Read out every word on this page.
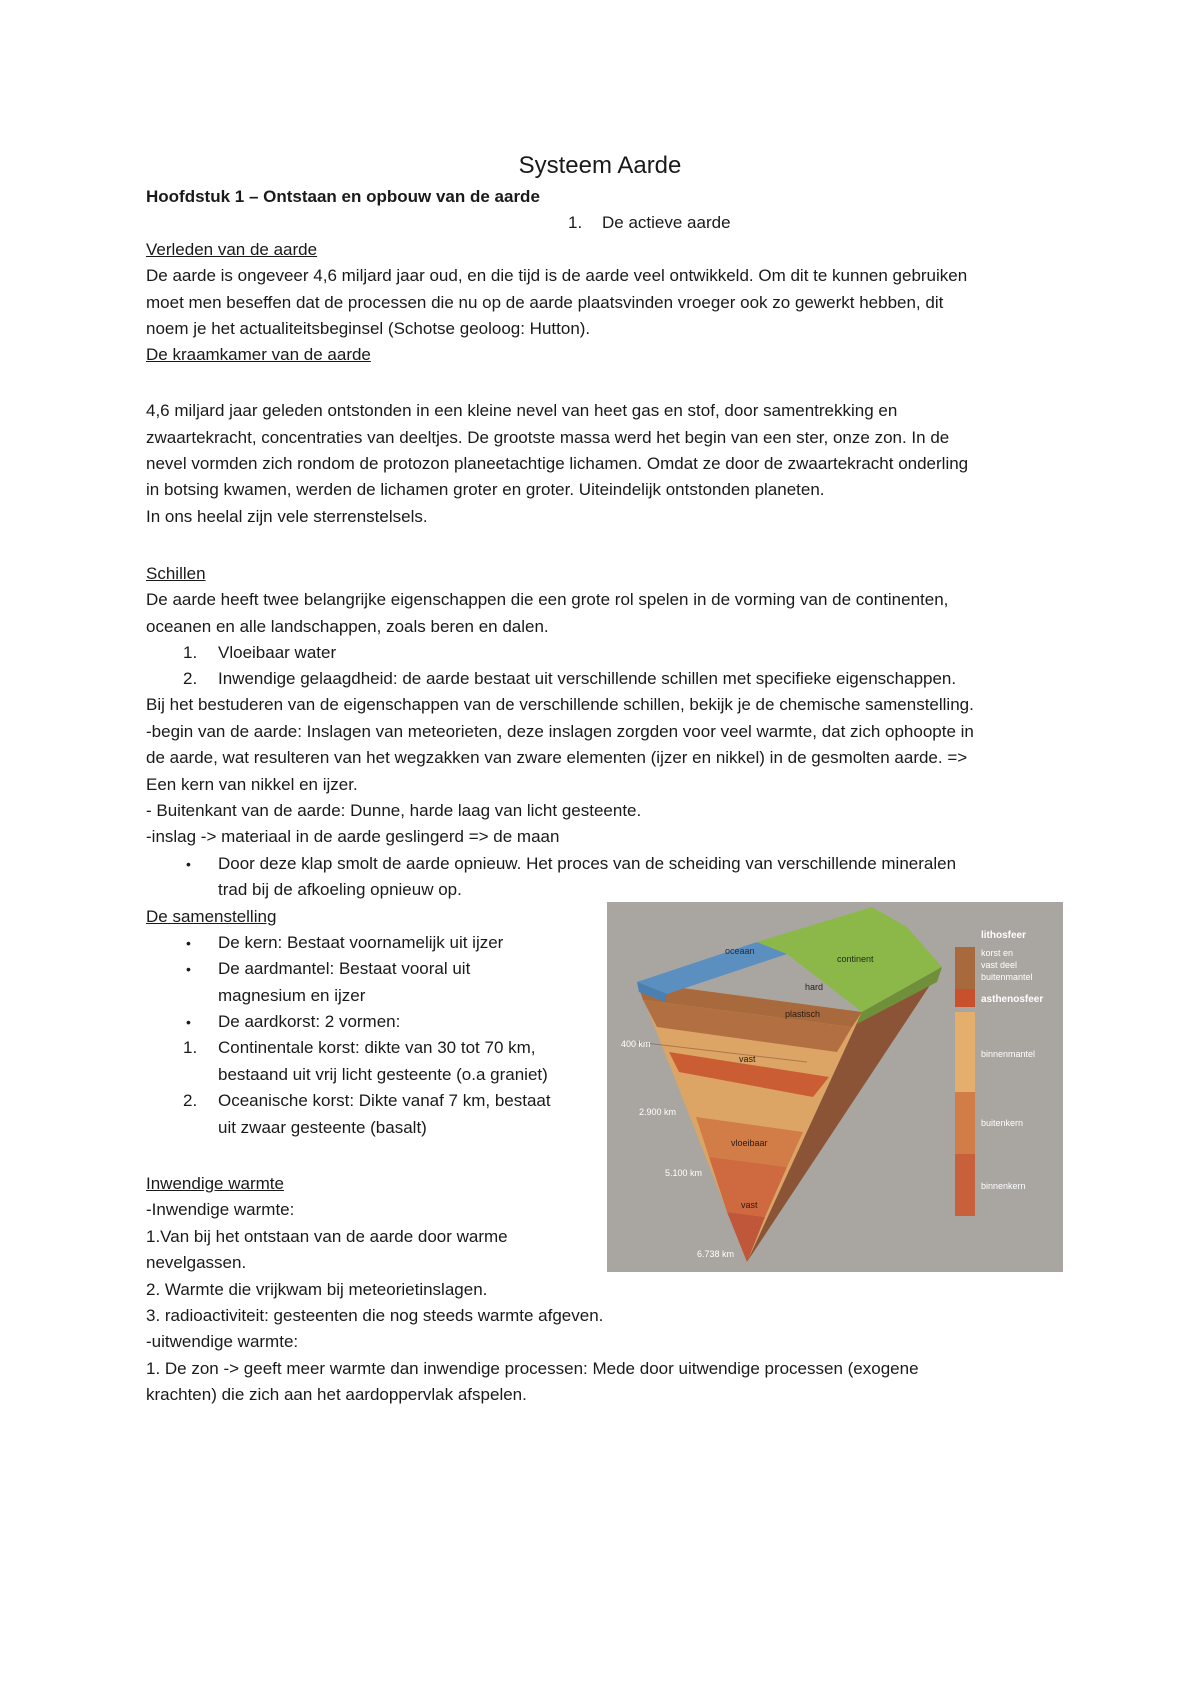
Systeem Aarde
Hoofdstuk 1 – Ontstaan en opbouw van de aarde
1. De actieve aarde
Verleden van de aarde
De aarde is ongeveer 4,6 miljard jaar oud, en die tijd is de aarde veel ontwikkeld. Om dit te kunnen gebruiken
moet men beseffen dat de processen die nu op de aarde plaatsvinden vroeger ook zo gewerkt hebben, dit
noem je het actualiteitsbeginsel (Schotse geoloog: Hutton).
De kraamkamer van de aarde
4,6 miljard jaar geleden ontstonden in een kleine nevel van heet gas en stof, door samentrekking en
zwaartekracht, concentraties van deeltjes. De grootste massa werd het begin van een ster, onze zon. In de
nevel vormden zich rondom de protozon planeetachtige lichamen. Omdat ze door de zwaartekracht onderling
in botsing kwamen, werden de lichamen groter en groter. Uiteindelijk ontstonden planeten.
In ons heelal zijn vele sterrenstelsels.
Schillen
De aarde heeft twee belangrijke eigenschappen die een grote rol spelen in de vorming van de continenten,
oceanen en alle landschappen, zoals beren en dalen.
1. Vloeibaar water
2. Inwendige gelaagdheid: de aarde bestaat uit verschillende schillen met specifieke eigenschappen.
Bij het bestuderen van de eigenschappen van de verschillende schillen, bekijk je de chemische samenstelling.
-begin van de aarde: Inslagen van meteorieten, deze inslagen zorgden voor veel warmte, dat zich ophoopte in
de aarde, wat resulteren van het wegzakken van zware elementen (ijzer en nikkel) in de gesmolten aarde. =>
Een kern van nikkel en ijzer.
- Buitenkant van de aarde: Dunne, harde laag van licht gesteente.
-inslag -> materiaal in de aarde geslingerd => de maan
• Door deze klap smolt de aarde opnieuw. Het proces van de scheiding van verschillende mineralen
trad bij de afkoeling opnieuw op.
De samenstelling
• De kern: Bestaat voornamelijk uit ijzer
• De aardmantel: Bestaat vooral uit
magnesium en ijzer
• De aardkorst: 2 vormen:
1. Continentale korst: dikte van 30 tot 70 km,
bestaand uit vrij licht gesteente (o.a graniet)
2. Oceanische korst: Dikte vanaf 7 km, bestaat
uit zwaar gesteente (basalt)
Inwendige warmte
-Inwendige warmte:
1.Van bij het ontstaan van de aarde door warme
nevelgassen.
2. Warmte die vrijkwam bij meteorietinslagen.
3. radioactiviteit: gesteenten die nog steeds warmte afgeven.
-uitwendige warmte:
1. De zon -> geeft meer warmte dan inwendige processen: Mede door uitwendige processen (exogene
krachten) die zich aan het aardoppervlak afspelen.
oceaan
continent
hard
plastisch
vast
vloeibaar
vast
400 km
2.900 km
5.100 km
6.738 km
lithosfeer
korst en
vast deel
buitenmantel
asthenosfeer
binnenmantel
buitenkern
binnenkern
